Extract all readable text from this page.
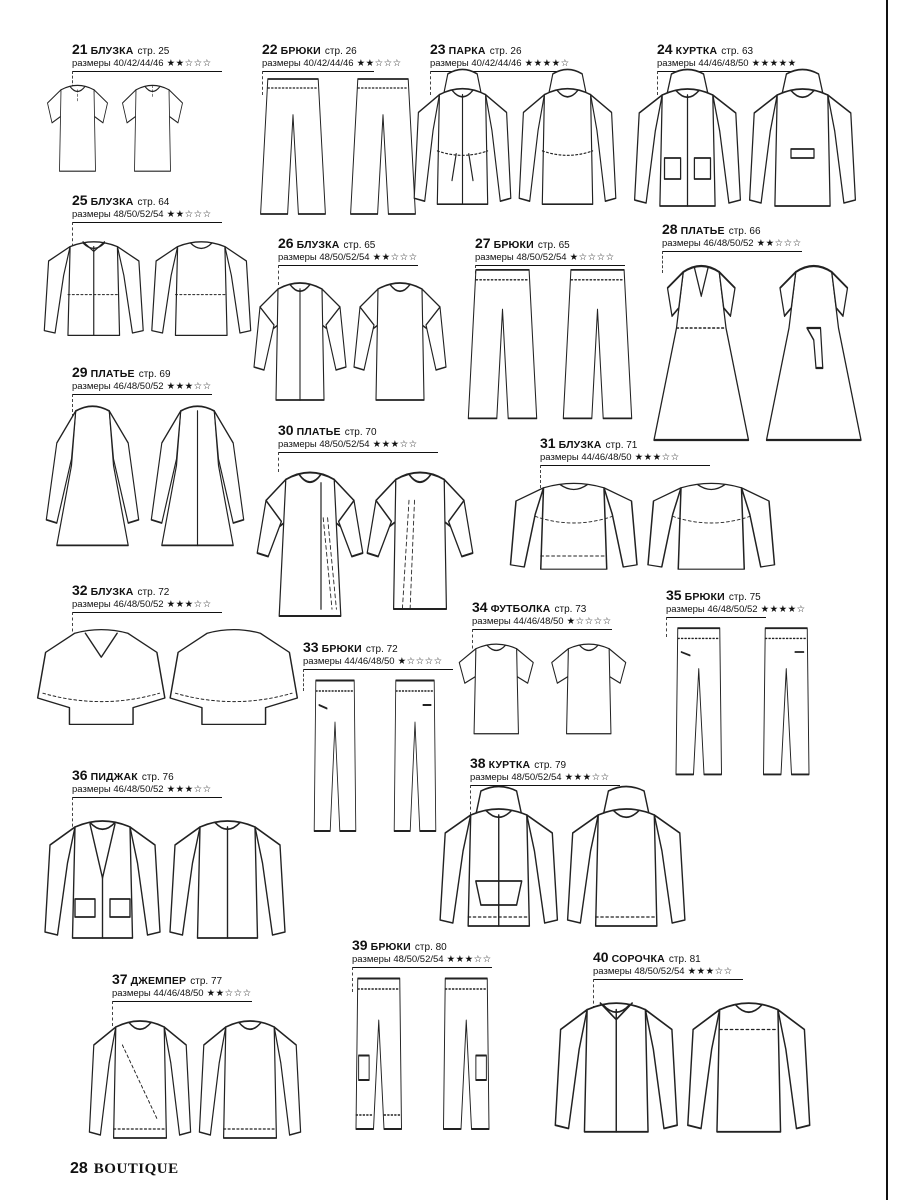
21 БЛУЗКА стр. 25
размеры 40/42/44/46 ★★☆☆☆
22 БРЮКИ стр. 26
размеры 40/42/44/46 ★★☆☆☆
23 ПАРКА стр. 26
размеры 40/42/44/46 ★★★★☆
24 КУРТКА стр. 63
размеры 44/46/48/50 ★★★★★
25 БЛУЗКА стр. 64
размеры 48/50/52/54 ★★☆☆☆
26 БЛУЗКА стр. 65
размеры 48/50/52/54 ★★☆☆☆
27 БРЮКИ стр. 65
размеры 48/50/52/54 ★☆☆☆☆
28 ПЛАТЬЕ стр. 66
размеры 46/48/50/52 ★★☆☆☆
29 ПЛАТЬЕ стр. 69
размеры 46/48/50/52 ★★★☆☆
30 ПЛАТЬЕ стр. 70
размеры 48/50/52/54 ★★★☆☆	31 БЛУЗКА стр. 71
размеры 44/46/48/50 ★★★☆☆
32 БЛУЗКА стр. 72
размеры 46/48/50/52 ★★★☆☆
33 БРЮКИ стр. 72
размеры 44/46/48/50 ★☆☆☆☆
34 ФУТБОЛКА стр. 73
размеры 44/46/48/50 ★☆☆☆☆
35 БРЮКИ стр. 75
размеры 46/48/50/52 ★★★★☆
36 ПИДЖАК стр. 76
размеры 46/48/50/52 ★★★☆☆
37 ДЖЕМПЕР стр. 77
размеры 44/46/48/50 ★★☆☆☆
38 КУРТКА стр. 79
размеры 48/50/52/54 ★★★☆☆
39 БРЮКИ стр. 80
размеры 48/50/52/54 ★★★☆☆	40 СОРОЧКА стр. 81
размеры 48/50/52/54 ★★★☆☆
28 BOUTIQUE
